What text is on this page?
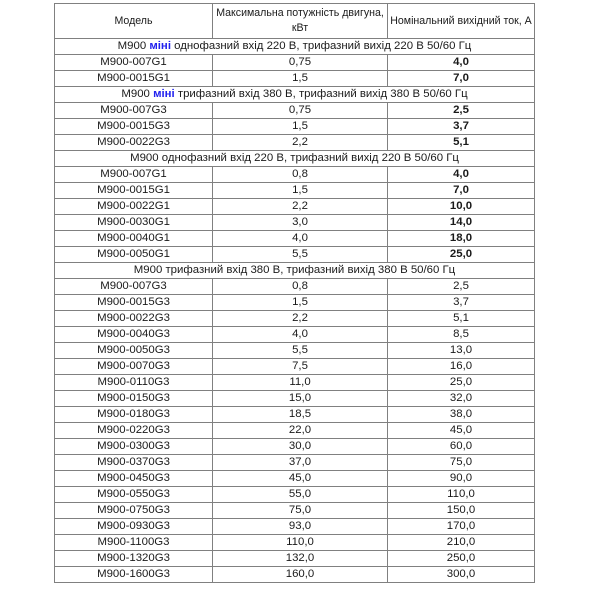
Модель	Максимальна потужність двигуна, кВт	Номінальний вихідний ток, А
М900 міні однофазний вхід 220 В, трифазний вихід 220 В 50/60 Гц		
М900-007G1	0,75	4,0
М900-0015G1	1,5	7,0
М900 міні трифазний вхід 380 В, трифазний вихід 380 В 50/60 Гц		
М900-007G3	0,75	2,5
М900-0015G3	1,5	3,7
М900-0022G3	2,2	5,1
М900 однофазний вхід 220 В, трифазний вихід 220 В 50/60 Гц		
М900-007G1	0,8	4,0
М900-0015G1	1,5	7,0
М900-0022G1	2,2	10,0
М900-0030G1	3,0	14,0
М900-0040G1	4,0	18,0
М900-0050G1	5,5	25,0
М900 трифазний вхід 380 В, трифазний вихід 380 В 50/60 Гц		
М900-007G3	0,8	2,5
М900-0015G3	1,5	3,7
М900-0022G3	2,2	5,1
М900-0040G3	4,0	8,5
М900-0050G3	5,5	13,0
М900-0070G3	7,5	16,0
М900-0110G3	11,0	25,0
М900-0150G3	15,0	32,0
М900-0180G3	18,5	38,0
М900-0220G3	22,0	45,0
М900-0300G3	30,0	60,0
М900-0370G3	37,0	75,0
М900-0450G3	45,0	90,0
М900-0550G3	55,0	110,0
М900-0750G3	75,0	150,0
М900-0930G3	93,0	170,0
М900-1100G3	110,0	210,0
М900-1320G3	132,0	250,0
М900-1600G3	160,0	300,0
